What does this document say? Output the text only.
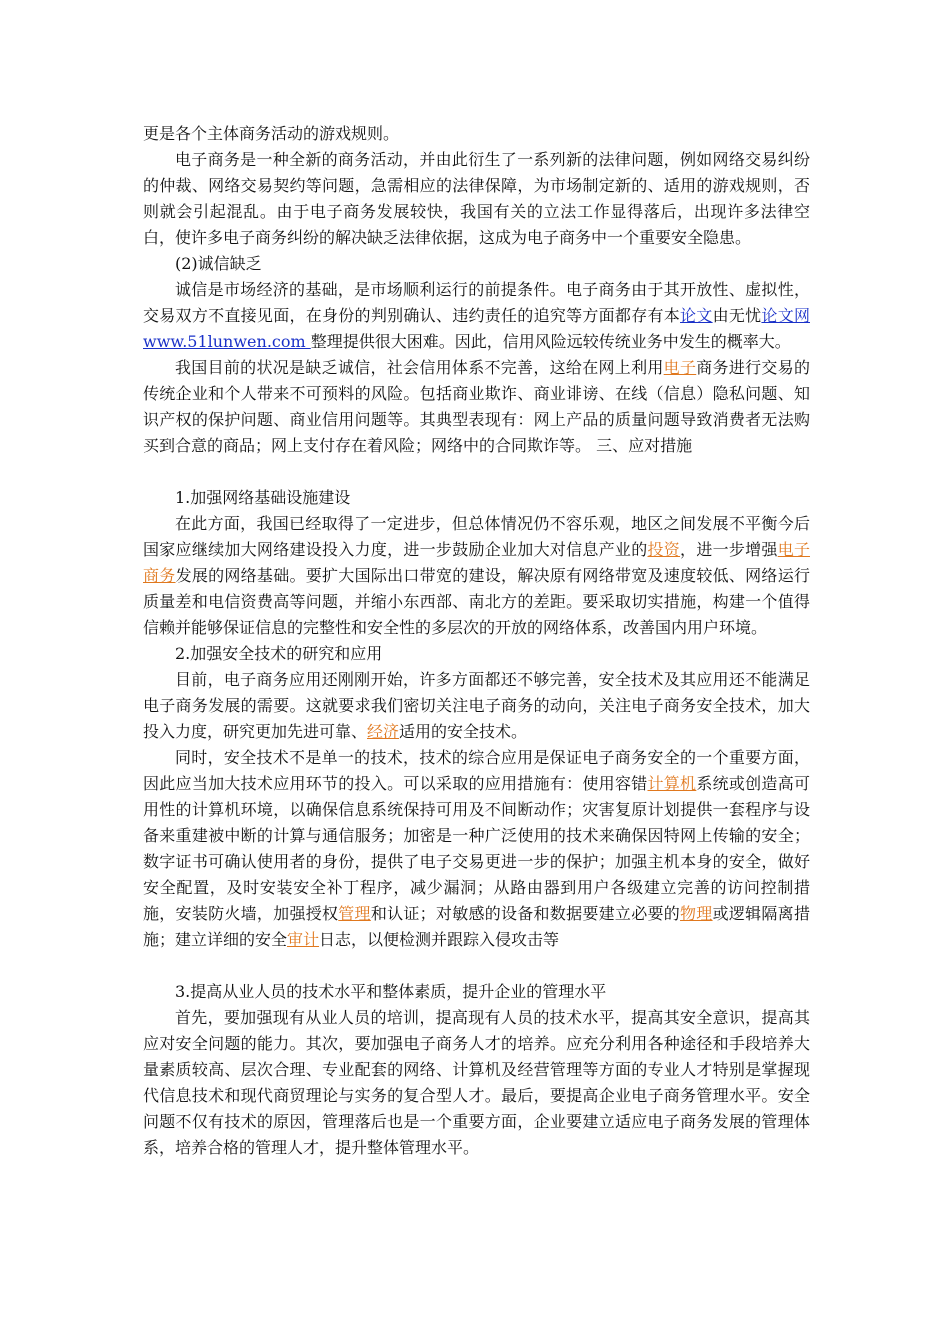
更是各个主体商务活动的游戏规则。

电子商务是一种全新的商务活动，并由此衍生了一系列新的法律问题，例如网络交易纠纷的仲裁、网络交易契约等问题，急需相应的法律保障，为市场制定新的、适用的游戏规则，否则就会引起混乱。由于电子商务发展较快，我国有关的立法工作显得落后，出现许多法律空白，使许多电子商务纠纷的解决缺乏法律依据，这成为电子商务中一个重要安全隐患。

(2)诚信缺乏

诚信是市场经济的基础，是市场顺利运行的前提条件。电子商务由于其开放性、虚拟性，交易双方不直接见面，在身份的判别确认、违约责任的追究等方面都存有本论文由无忧论文网 www.51lunwen.com 整理提供很大困难。因此，信用风险远较传统业务中发生的概率大。

我国目前的状况是缺乏诚信，社会信用体系不完善，这给在网上利用电子商务进行交易的传统企业和个人带来不可预料的风险。包括商业欺诈、商业诽谤、在线（信息）隐私问题、知识产权的保护问题、商业信用问题等。其典型表现有：网上产品的质量问题导致消费者无法购买到合意的商品；网上支付存在着风险；网络中的合同欺诈等。 三、应对措施

1.加强网络基础设施建设

在此方面，我国已经取得了一定进步，但总体情况仍不容乐观，地区之间发展不平衡今后国家应继续加大网络建设投入力度，进一步鼓励企业加大对信息产业的投资，进一步增强电子商务发展的网络基础。要扩大国际出口带宽的建设，解决原有网络带宽及速度较低、网络运行质量差和电信资费高等问题，并缩小东西部、南北方的差距。要采取切实措施，构建一个值得信赖并能够保证信息的完整性和安全性的多层次的开放的网络体系，改善国内用户环境。

2.加强安全技术的研究和应用

目前，电子商务应用还刚刚开始，许多方面都还不够完善，安全技术及其应用还不能满足电子商务发展的需要。这就要求我们密切关注电子商务的动向，关注电子商务安全技术，加大投入力度，研究更加先进可靠、经济适用的安全技术。

同时，安全技术不是单一的技术，技术的综合应用是保证电子商务安全的一个重要方面，因此应当加大技术应用环节的投入。可以采取的应用措施有：使用容错计算机系统或创造高可用性的计算机环境，以确保信息系统保持可用及不间断动作；灾害复原计划提供一套程序与设备来重建被中断的计算与通信服务；加密是一种广泛使用的技术来确保因特网上传输的安全；数字证书可确认使用者的身份，提供了电子交易更进一步的保护；加强主机本身的安全，做好安全配置，及时安装安全补丁程序，减少漏洞；从路由器到用户各级建立完善的访问控制措施，安装防火墙，加强授权管理和认证；对敏感的设备和数据要建立必要的物理或逻辑隔离措施；建立详细的安全审计日志，以便检测并跟踪入侵攻击等

3.提高从业人员的技术水平和整体素质，提升企业的管理水平

首先，要加强现有从业人员的培训，提高现有人员的技术水平，提高其安全意识，提高其应对安全问题的能力。其次，要加强电子商务人才的培养。应充分利用各种途径和手段培养大量素质较高、层次合理、专业配套的网络、计算机及经营管理等方面的专业人才特别是掌握现代信息技术和现代商贸理论与实务的复合型人才。最后，要提高企业电子商务管理水平。安全问题不仅有技术的原因，管理落后也是一个重要方面，企业要建立适应电子商务发展的管理体系，培养合格的管理人才，提升整体管理水平。
